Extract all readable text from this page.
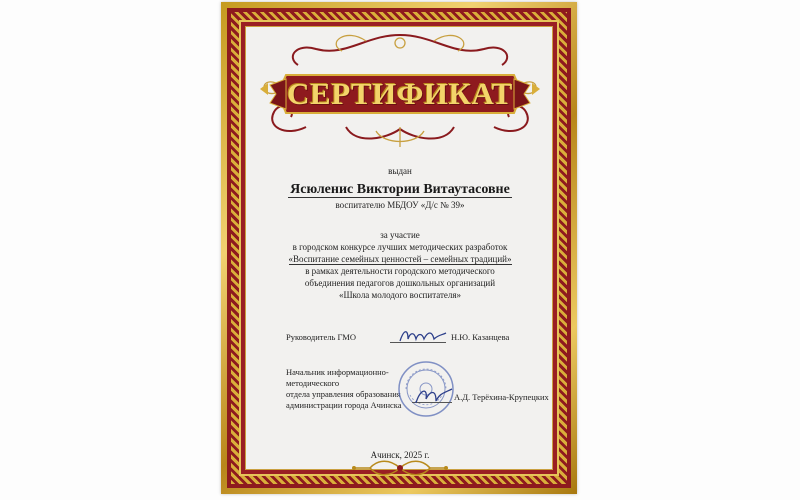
СЕРТИФИКАТ
выдан
Ясюленис Виктории Витаутасовне
воспитателю МБДОУ «Д/с № 39»
за участие
в городском конкурсе лучших методических разработок
«Воспитание семейных ценностей – семейных традиций»
в рамках деятельности городского методического
объединения педагогов дошкольных организаций
«Школа молодого воспитателя»
Руководитель ГМО	Н.Ю. Казанцева
Начальник информационно-методического
отдела управления образования
администрации города Ачинска
А.Д. Терёхина-Крупецких
Ачинск, 2025 г.
